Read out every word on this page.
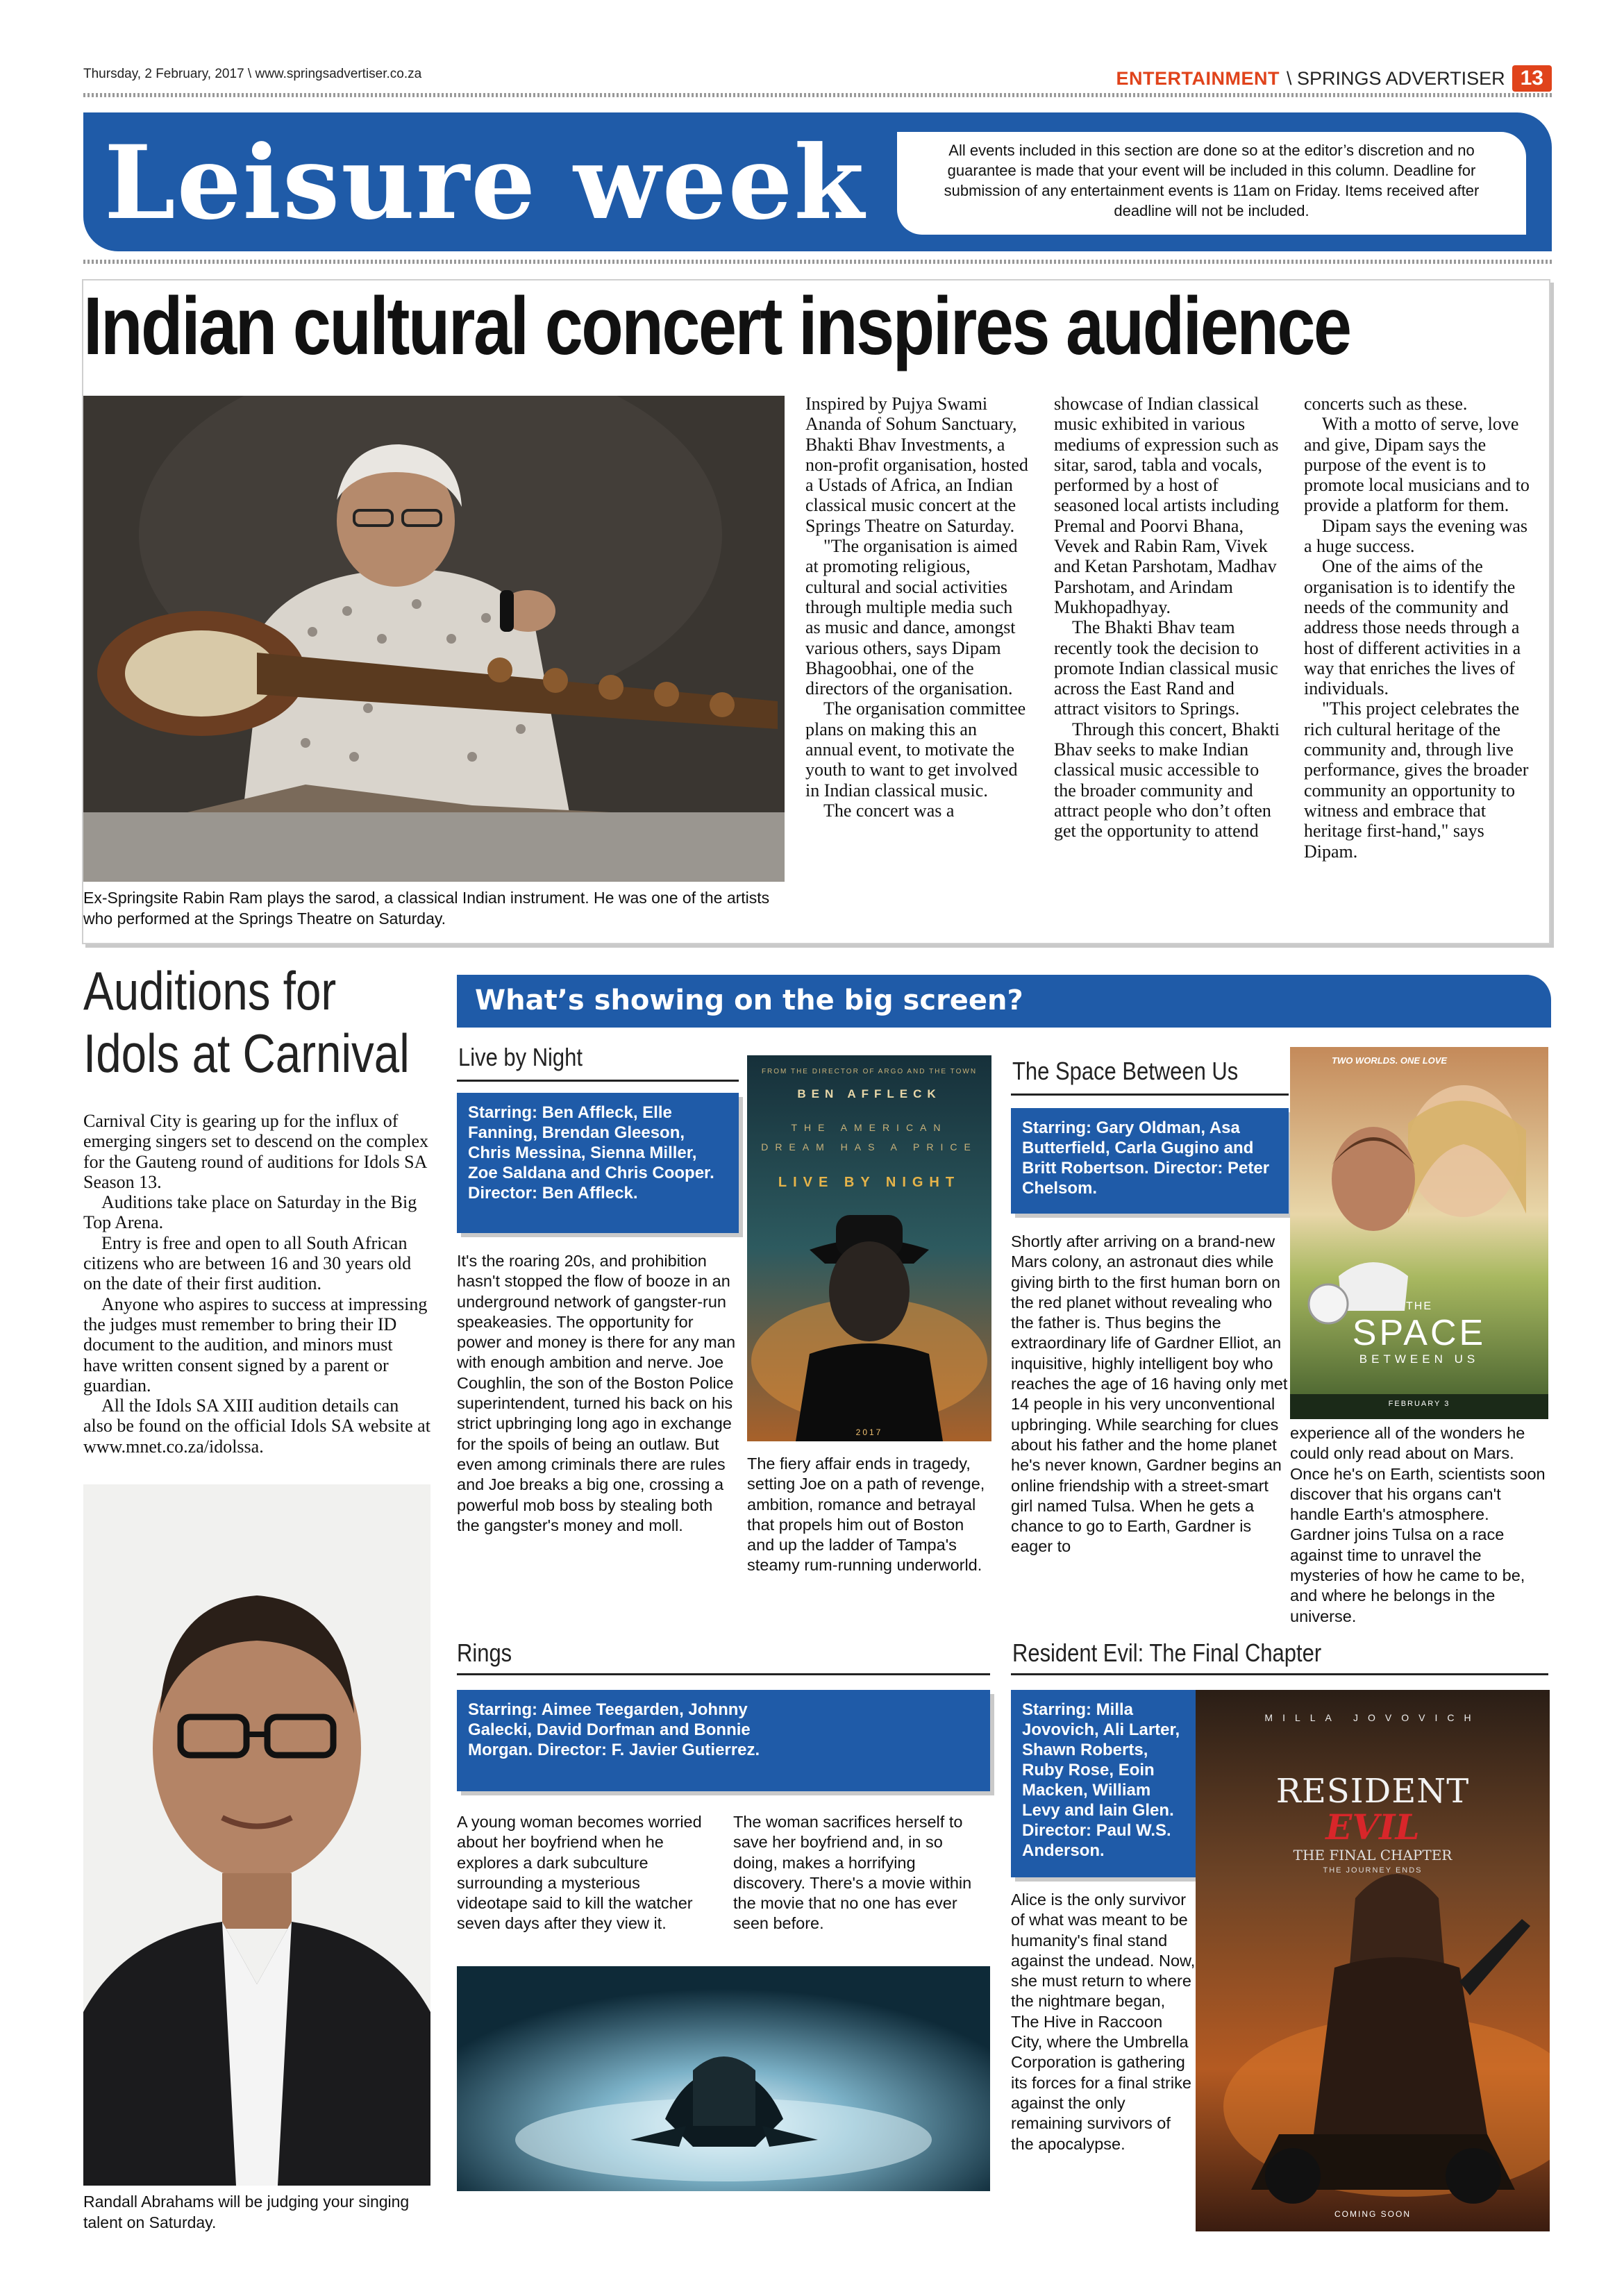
Thursday, 2 February, 2017 \ www.springsadvertiser.co.za	ENTERTAINMENT \ SPRINGS ADVERTISER 13
Leisure week	All events included in this section are done so at the editor’s discretion and no guarantee is made that your event will be included in this column. Deadline for submission of any entertainment events is 11am on Friday. Items received after deadline will not be included.
Indian cultural concert inspires audience
Ex-Springsite Rabin Ram plays the sarod, a classical Indian instrument. He was one of the artists who performed at the Springs Theatre on Saturday.

Inspired by Pujya Swami Ananda of Sohum Sanctuary, Bhakti Bhav Investments, a non-profit organisation, hosted a Ustads of Africa, an Indian classical music concert at the Springs Theatre on Saturday.

"The organisation is aimed at promoting religious, cultural and social activities through multiple media such as music and dance, amongst various others, says Dipam Bhagoobhai, one of the directors of the organisation.

The organisation committee plans on making this an annual event, to motivate the youth to want to get involved in Indian classical music.

The concert was a

showcase of Indian classical music exhibited in various mediums of expression such as sitar, sarod, tabla and vocals, performed by a host of seasoned local artists including Premal and Poorvi Bhana, Vevek and Rabin Ram, Vivek and Ketan Parshotam, Madhav Parshotam, and Arindam Mukhopadhyay.

The Bhakti Bhav team recently took the decision to promote Indian classical music across the East Rand and attract visitors to Springs.

Through this concert, Bhakti Bhav seeks to make Indian classical music accessible to the broader community and attract people who don’t often get the opportunity to attend

concerts such as these.

With a motto of serve, love and give, Dipam says the purpose of the event is to promote local musicians and to provide a platform for them.

Dipam says the evening was a huge success.

One of the aims of the organisation is to identify the needs of the community and address those needs through a host of different activities in a way that enriches the lives of individuals.

"This project celebrates the rich cultural heritage of the community and, through live performance, gives the broader community an opportunity to witness and embrace that heritage first-hand," says Dipam.

Auditions for
Idols at Carnival

Carnival City is gearing up for the influx of emerging singers set to descend on the complex for the Gauteng round of auditions for Idols SA Season 13.

Auditions take place on Saturday in the Big Top Arena.

Entry is free and open to all South African citizens who are between 16 and 30 years old on the date of their first audition.

Anyone who aspires to success at impressing the judges must remember to bring their ID document to the audition, and minors must have written consent signed by a parent or guardian.

All the Idols SA XIII audition details can also be found on the official Idols SA website at www.mnet.co.za/idolssa.

Randall Abrahams will be judging your singing talent on Saturday.
What’s showing on the big screen?
Live by Night
Starring: Ben Affleck, Elle Fanning, Brendan Gleeson, Chris Messina, Sienna Miller, Zoe Saldana and Chris Cooper. Director: Ben Affleck.
It's the roaring 20s, and prohibition hasn't stopped the flow of booze in an underground network of gangster-run speakeasies. The opportunity for power and money is there for any man with enough ambition and nerve. Joe Coughlin, the son of the Boston Police superintendent, turned his back on his strict upbringing long ago in exchange for the spoils of being an outlaw. But even among criminals there are rules and Joe breaks a big one, crossing a powerful mob boss by stealing both the gangster's money and moll.
FROM THE DIRECTOR OF ARGO AND THE TOWN
BEN AFFLECK
THE AMERICAN DREAM HAS A PRICE
LIVE BY NIGHT
2017
The fiery affair ends in tragedy, setting Joe on a path of revenge, ambition, romance and betrayal that propels him out of Boston and up the ladder of Tampa's steamy rum-running underworld.
The Space Between Us
Starring: Gary Oldman, Asa Butterfield, Carla Gugino and Britt Robertson. Director: Peter Chelsom.
Shortly after arriving on a brand-new Mars colony, an astronaut dies while giving birth to the first human born on the red planet without revealing who the father is. Thus begins the extraordinary life of Gardner Elliot, an inquisitive, highly intelligent boy who reaches the age of 16 having only met 14 people in his very unconventional upbringing. While searching for clues about his father and the home planet he's never known, Gardner begins an online friendship with a street-smart girl named Tulsa. When he gets a chance to go to Earth, Gardner is eager to
TWO WORLDS. ONE LOVE
THE
SPACE
BETWEEN US
FEBRUARY 3
experience all of the wonders he could only read about on Mars. Once he's on Earth, scientists soon discover that his organs can't handle Earth's atmosphere. Gardner joins Tulsa on a race against time to unravel the mysteries of how he came to be, and where he belongs in the universe.
Rings
Starring: Aimee Teegarden, Johnny Galecki, David Dorfman and Bonnie Morgan. Director: F. Javier Gutierrez.
A young woman becomes worried about her boyfriend when he explores a dark subculture surrounding a mysterious videotape said to kill the watcher seven days after they view it.
The woman sacrifices herself to save her boyfriend and, in so doing, makes a horrifying discovery. There's a movie within the movie that no one has ever seen before.
Resident Evil: The Final Chapter
Starring: Milla Jovovich, Ali Larter, Shawn Roberts, Ruby Rose, Eoin Macken, William Levy and Iain Glen. Director: Paul W.S. Anderson.
Alice is the only survivor of what was meant to be humanity's final stand against the undead. Now, she must return to where the nightmare began, The Hive in Raccoon City, where the Umbrella Corporation is gathering its forces for a final strike against the only remaining survivors of the apocalypse.
MILLA JOVOVICH
RESIDENT
EVIL
THE FINAL CHAPTER
THE JOURNEY ENDS
COMING SOON
